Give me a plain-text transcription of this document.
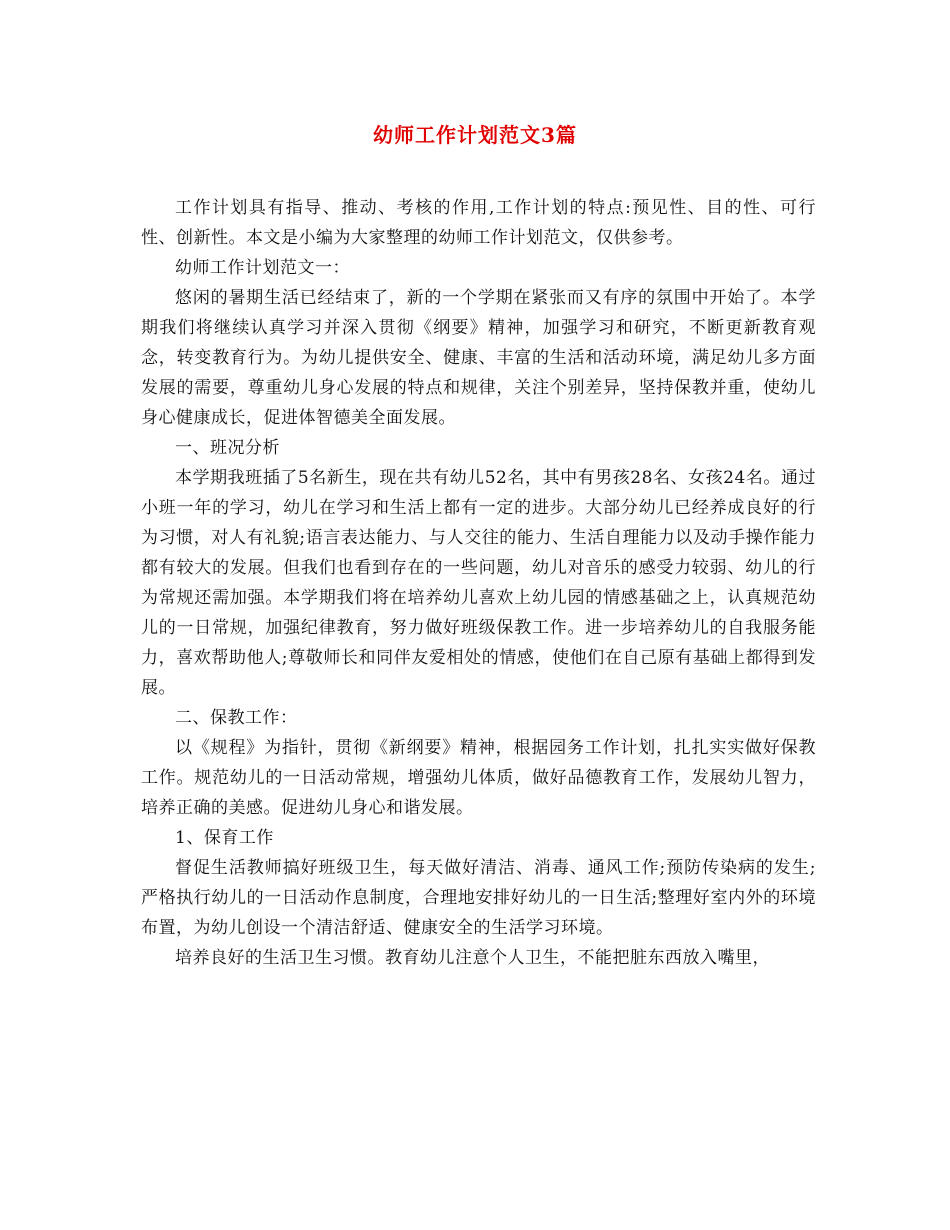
幼师工作计划范文3篇

工作计划具有指导、推动、考核的作用,工作计划的特点:预见性、目的性、可行性、创新性。本文是小编为大家整理的幼师工作计划范文，仅供参考。

幼师工作计划范文一：

悠闲的暑期生活已经结束了，新的一个学期在紧张而又有序的氛围中开始了。本学期我们将继续认真学习并深入贯彻《纲要》精神，加强学习和研究，不断更新教育观念，转变教育行为。为幼儿提供安全、健康、丰富的生活和活动环境，满足幼儿多方面发展的需要，尊重幼儿身心发展的特点和规律，关注个别差异，坚持保教并重，使幼儿身心健康成长，促进体智德美全面发展。

一、班况分析

本学期我班插了5名新生，现在共有幼儿52名，其中有男孩28名、女孩24名。通过小班一年的学习，幼儿在学习和生活上都有一定的进步。大部分幼儿已经养成良好的行为习惯，对人有礼貌;语言表达能力、与人交往的能力、生活自理能力以及动手操作能力都有较大的发展。但我们也看到存在的一些问题，幼儿对音乐的感受力较弱、幼儿的行为常规还需加强。本学期我们将在培养幼儿喜欢上幼儿园的情感基础之上，认真规范幼儿的一日常规，加强纪律教育，努力做好班级保教工作。进一步培养幼儿的自我服务能力，喜欢帮助他人;尊敬师长和同伴友爱相处的情感，使他们在自己原有基础上都得到发展。

二、保教工作：

以《规程》为指针，贯彻《新纲要》精神，根据园务工作计划，扎扎实实做好保教工作。规范幼儿的一日活动常规，增强幼儿体质，做好品德教育工作，发展幼儿智力，培养正确的美感。促进幼儿身心和谐发展。

1、保育工作

督促生活教师搞好班级卫生，每天做好清洁、消毒、通风工作;预防传染病的发生;严格执行幼儿的一日活动作息制度，合理地安排好幼儿的一日生活;整理好室内外的环境布置，为幼儿创设一个清洁舒适、健康安全的生活学习环境。

培养良好的生活卫生习惯。教育幼儿注意个人卫生，不能把脏东西放入嘴里，
